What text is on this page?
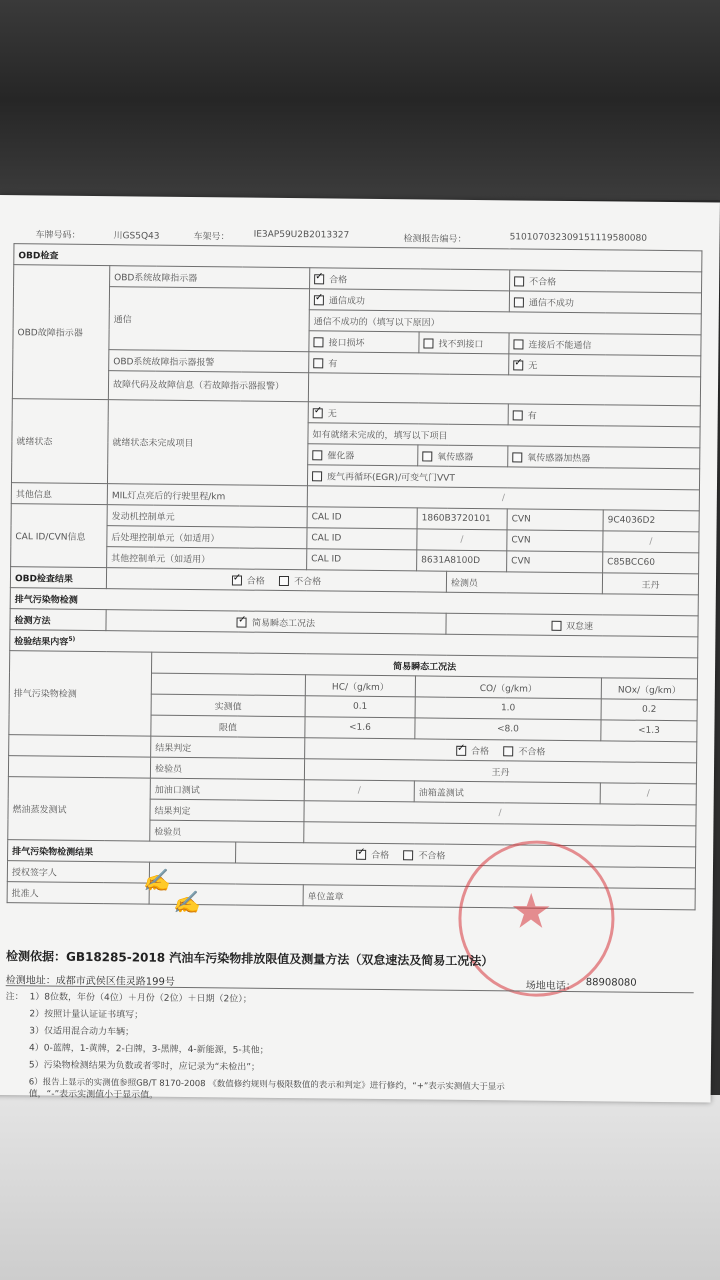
车牌号码：	川GS5Q43	车架号：	IE3AP59U2B2013327	检测报告编号：	510107032309151119580080
OBD检查								
OBD故障指示器	OBD系统故障指示器	✓合格			不合格	
	通信	✓通信成功			通信不成功	
				通信不成功的（填写以下原因）				
				接口损坏	找不到接口		连接后不能通信	
	OBD系统故障指示器报警			有	✓无
	故障代码及故障信息（若故障指示器报警）							
就绪状态	就绪状态未完成项目	✓无			有	
				如有就绪未完成的，填写以下项目				
				催化器	氧传感器		氧传感器加热器	
				废气再循环(EGR)/可变气门VVT				
其他信息	MIL灯点亮后的行驶里程/km			/				
CAL ID/CVN信息	发动机控制单元			CAL ID	1860B3720101		CVN	9C4036D2
	后处理控制单元（如适用）			CAL ID	/		CVN	/
	其他控制单元（如适用）			CAL ID	8631A8100D		CVN	C85BCC60
OBD检查结果	✓合格 不合格					检测员		王丹
排气污染物检测								
检测方法	✓简易瞬态工况法					双怠速		
检验结果内容$^{5)}$
排气污染物检测		简易瞬态工况法						
				HC/（g/km）	CO/（g/km）			NOx/（g/km）
		实测值		0.1	1.0			0.2
		限值		<1.6	<8.0			<1.3
		结果判定	✓合格 不合格
		检验员		王丹				
燃油蒸发测试		加油口测试		/	油箱盖测试			/
		结果判定		/				
		检验员						
排气污染物检测结果	✓合格 不合格
授权签字人								
批准人				单位盖章				
✍
✍	★
检测依据：GB18285-2018 汽油车污染物排放限值及测量方法（双怠速法及简易工况法）
检测地址：成都市武侯区佳灵路199号	场地电话： 88908080
注： 1）8位数，年份（4位）＋月份（2位）＋日期（2位）；
2）按照计量认证证书填写；
3）仅适用混合动力车辆；
4）0-蓝牌，1-黄牌，2-白牌，3-黑牌，4-新能源，5-其他；
5）污染物检测结果为负数或者零时，应记录为“未检出”；
6）报告上显示的实测值参照GB/T 8170-2008 《数值修约规则与极限数值的表示和判定》进行修约，“+”表示实测值大于显示
值，“-”表示实测值小于显示值。
